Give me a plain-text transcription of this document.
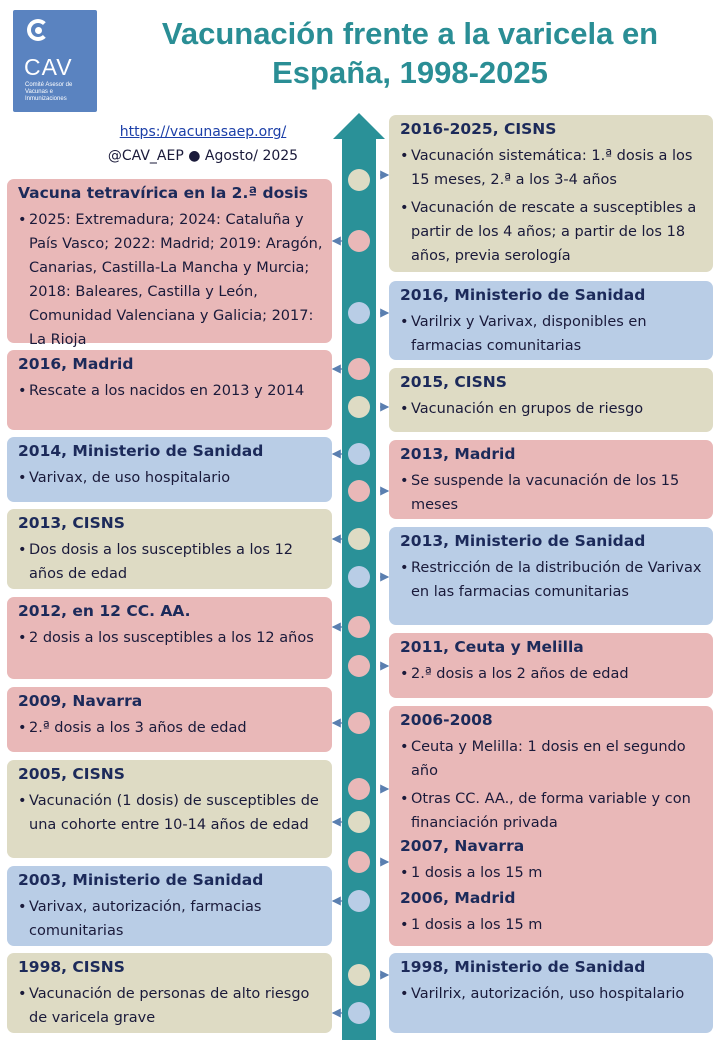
CAV
Comité Asesor de Vacunas e Inmunizaciones
Vacunación frente a la varicela en España, 1998-2025
https://vacunasaep.org/
@CAV_AEP ● Agosto/ 2025
Vacuna tetravírica en la 2.ª dosis
• 2025: Extremadura; 2024: Cataluña y País Vasco; 2022: Madrid; 2019: Aragón, Canarias, Castilla-La Mancha y Murcia; 2018: Baleares, Castilla y León, Comunidad Valenciana y Galicia; 2017: La Rioja
2016, Madrid
• Rescate a los nacidos en 2013 y 2014
2014, Ministerio de Sanidad
• Varivax, de uso hospitalario
2013, CISNS
• Dos dosis a los susceptibles a los 12 años de edad
2012, en 12 CC. AA.
• 2 dosis a los susceptibles a los 12 años
2009, Navarra
• 2.ª dosis a los 3 años de edad
2005, CISNS
• Vacunación (1 dosis) de susceptibles de una cohorte entre 10-14 años de edad
2003, Ministerio de Sanidad
• Varivax, autorización, farmacias comunitarias
1998, CISNS
• Vacunación de personas de alto riesgo de varicela grave
2016-2025, CISNS
• Vacunación sistemática: 1.ª dosis a los 15 meses, 2.ª a los 3-4 años
• Vacunación de rescate a susceptibles a partir de los 4 años; a partir de los 18 años, previa serología
2016, Ministerio de Sanidad
• Varilrix y Varivax, disponibles en farmacias comunitarias
2015, CISNS
• Vacunación en grupos de riesgo
2013, Madrid
• Se suspende la vacunación de los 15 meses
2013, Ministerio de Sanidad
• Restricción de la distribución de Varivax en las farmacias comunitarias
2011, Ceuta y Melilla
• 2.ª dosis a los 2 años de edad
2006-2008
• Ceuta y Melilla: 1 dosis en el segundo año
• Otras CC. AA., de forma variable y con financiación privada
2007, Navarra
• 1 dosis a los 15 m
2006, Madrid
• 1 dosis a los 15 m
1998, Ministerio de Sanidad
• Varilrix, autorización, uso hospitalario
